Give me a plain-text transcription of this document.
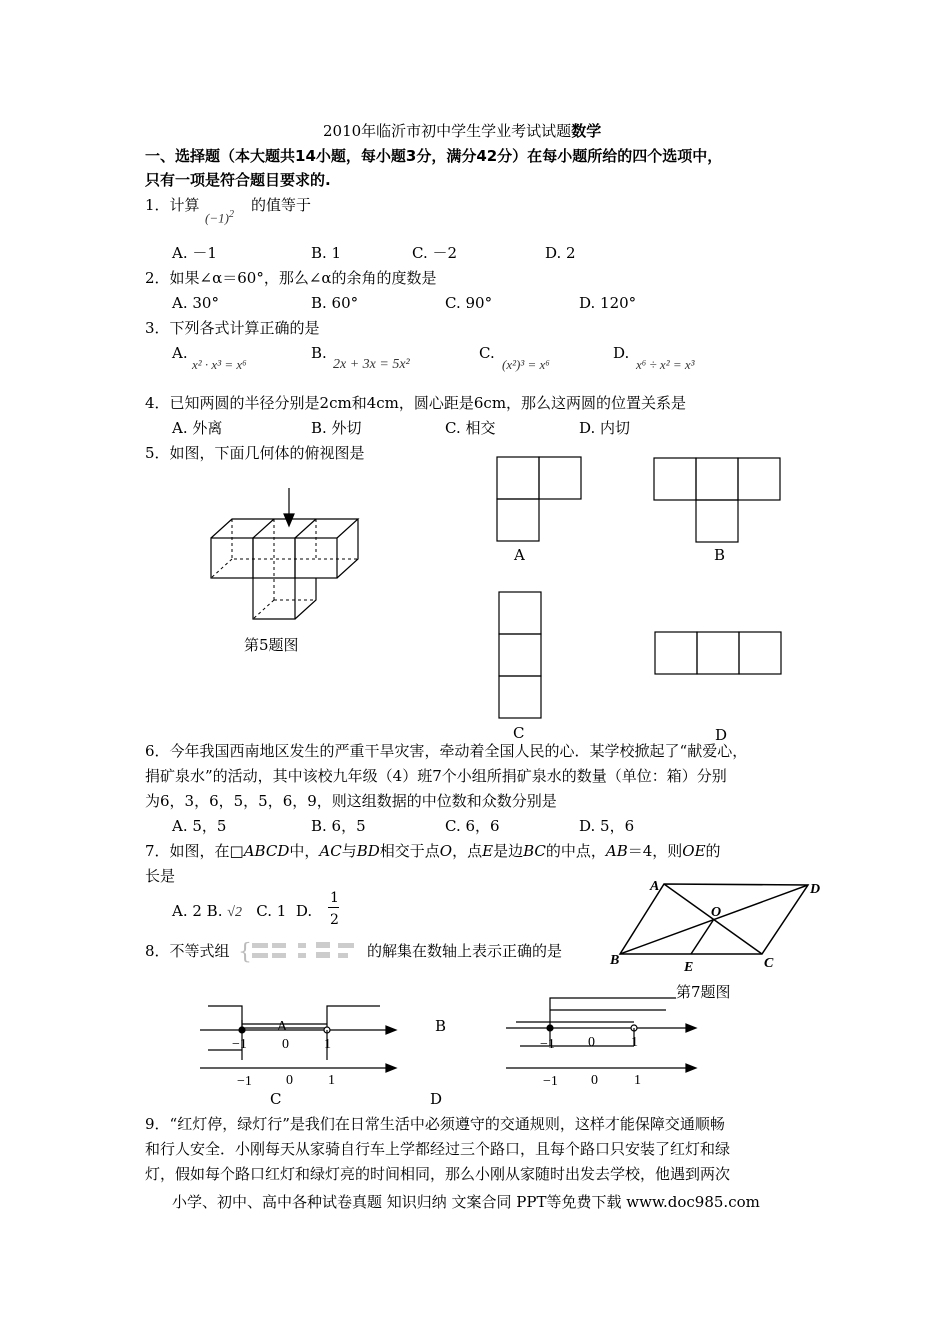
2010年临沂市初中学生学业考试试题数学
一、选择题（本大题共14小题，每小题3分，满分42分）在每小题所给的四个选项中，
只有一项是符合题目要求的.
1．计算
$(-1)^2$
的值等于
A. －1	B. 1	C. －2	D. 2
2．如果∠α＝60°，那么∠α的余角的度数是
A. 30°	B. 60°	C. 90°	D. 120°
3．下列各式计算正确的是
A.
x² · x³ = x⁶
B.
2x + 3x = 5x²
C.
(x²)³ = x⁶
D.
x⁶ ÷ x² = x³
4．已知两圆的半径分别是2cm和4cm，圆心距是6cm，那么这两圆的位置关系是
A. 外离	B. 外切	C. 相交	D. 内切
5．如图，下面几何体的俯视图是
第5题图
A	B
C	D
6．今年我国西南地区发生的严重干旱灾害，牵动着全国人民的心．某学校掀起了“献爱心，
捐矿泉水”的活动，其中该校九年级（4）班7个小组所捐矿泉水的数量（单位：箱）分别
为6，3，6，5，5，6，9，则这组数据的中位数和众数分别是
A. 5，5	B. 6，5	C. 6，6	D. 5，6
7．如图，在□ABCD中，AC与BD相交于点O，点E是边BC的中点，AB＝4，则OE的
长是
A. 2 B. √2 C. 1 D.
1
2
A	D
O
B	E	C
第7题图
8．不等式组 {	的解集在数轴上表示正确的是
A
−1	0	1
−1 0	1
C
B
D
−1 0	1
−1 0	1
9．“红灯停，绿灯行”是我们在日常生活中必须遵守的交通规则，这样才能保障交通顺畅
和行人安全．小刚每天从家骑自行车上学都经过三个路口，且每个路口只安装了红灯和绿
灯，假如每个路口红灯和绿灯亮的时间相同，那么小刚从家随时出发去学校，他遇到两次
小学、初中、高中各种试卷真题 知识归纳 文案合同 PPT等免费下载 www.doc985.com
